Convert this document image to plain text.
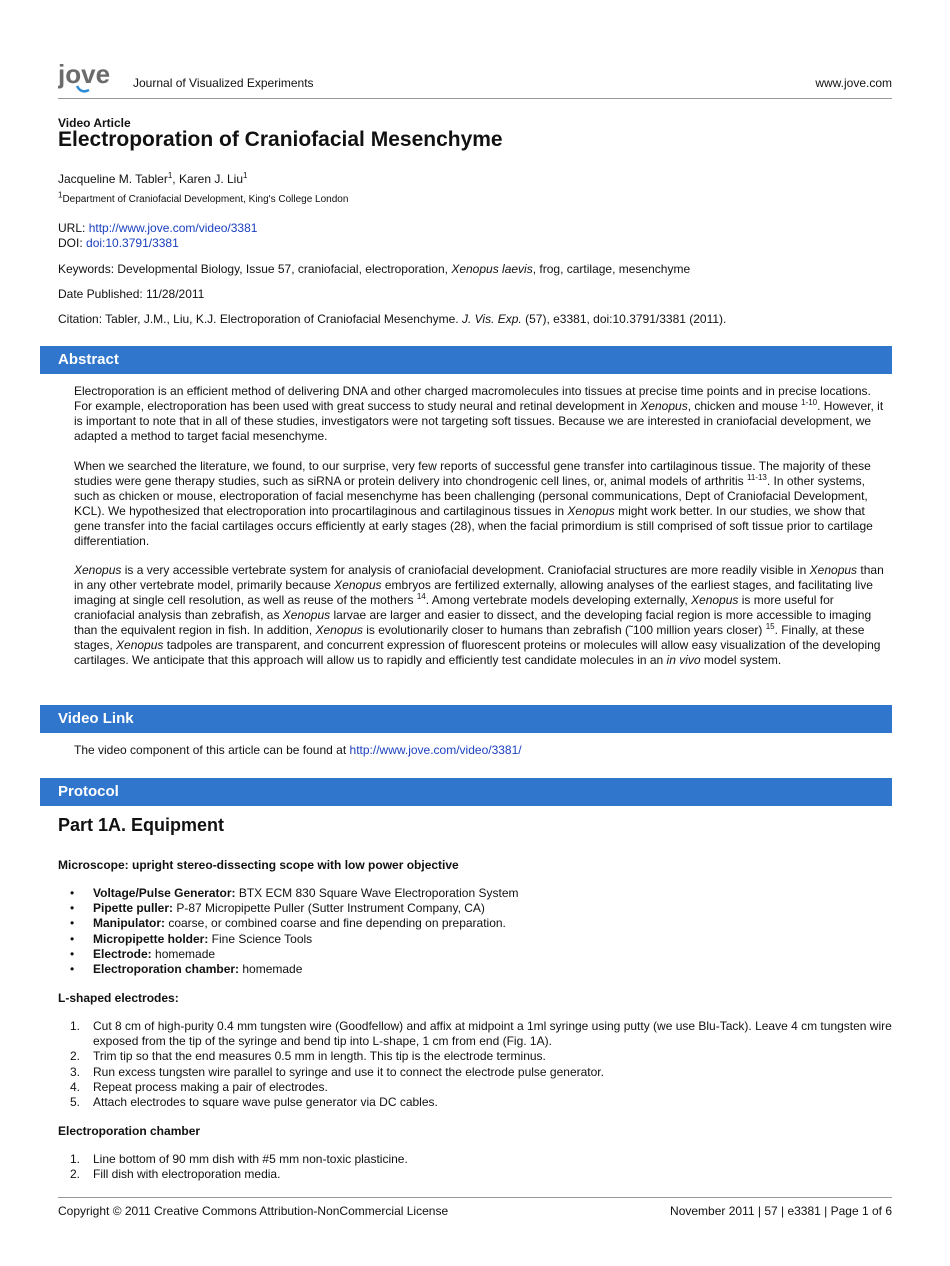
jove Journal of Visualized Experiments	www.jove.com
Video Article
Electroporation of Craniofacial Mesenchyme
Jacqueline M. Tabler$^1$, Karen J. Liu$^1$
$^1$Department of Craniofacial Development, King's College London
URL: http://www.jove.com/video/3381
DOI: doi:10.3791/3381
Keywords: Developmental Biology, Issue 57, craniofacial, electroporation, Xenopus laevis, frog, cartilage, mesenchyme
Date Published: 11/28/2011
Citation: Tabler, J.M., Liu, K.J. Electroporation of Craniofacial Mesenchyme. J. Vis. Exp. (57), e3381, doi:10.3791/3381 (2011).
Abstract

Electroporation is an efficient method of delivering DNA and other charged macromolecules into tissues at precise time points and in precise locations. For example, electroporation has been used with great success to study neural and retinal development in Xenopus, chicken and mouse $^{1-10}$. However, it is important to note that in all of these studies, investigators were not targeting soft tissues. Because we are interested in craniofacial development, we adapted a method to target facial mesenchyme.

When we searched the literature, we found, to our surprise, very few reports of successful gene transfer into cartilaginous tissue. The majority of these studies were gene therapy studies, such as siRNA or protein delivery into chondrogenic cell lines, or, animal models of arthritis $^{11-13}$. In other systems, such as chicken or mouse, electroporation of facial mesenchyme has been challenging (personal communications, Dept of Craniofacial Development, KCL). We hypothesized that electroporation into procartilaginous and cartilaginous tissues in Xenopus might work better. In our studies, we show that gene transfer into the facial cartilages occurs efficiently at early stages (28), when the facial primordium is still comprised of soft tissue prior to cartilage differentiation.

Xenopus is a very accessible vertebrate system for analysis of craniofacial development. Craniofacial structures are more readily visible in Xenopus than in any other vertebrate model, primarily because Xenopus embryos are fertilized externally, allowing analyses of the earliest stages, and facilitating live imaging at single cell resolution, as well as reuse of the mothers $^{14}$. Among vertebrate models developing externally, Xenopus is more useful for craniofacial analysis than zebrafish, as Xenopus larvae are larger and easier to dissect, and the developing facial region is more accessible to imaging than the equivalent region in fish. In addition, Xenopus is evolutionarily closer to humans than zebrafish (˜100 million years closer) $^{15}$. Finally, at these stages, Xenopus tadpoles are transparent, and concurrent expression of fluorescent proteins or molecules will allow easy visualization of the developing cartilages. We anticipate that this approach will allow us to rapidly and efficiently test candidate molecules in an in vivo model system.

Video Link

The video component of this article can be found at http://www.jove.com/video/3381/

Protocol
Part 1A. Equipment
Microscope: upright stereo-dissecting scope with low power objective
• Voltage/Pulse Generator: BTX ECM 830 Square Wave Electroporation System
• Pipette puller: P-87 Micropipette Puller (Sutter Instrument Company, CA)
• Manipulator: coarse, or combined coarse and fine depending on preparation.
• Micropipette holder: Fine Science Tools
• Electrode: homemade
• Electroporation chamber: homemade
L-shaped electrodes:
1. Cut 8 cm of high-purity 0.4 mm tungsten wire (Goodfellow) and affix at midpoint a 1ml syringe using putty (we use Blu-Tack). Leave 4 cm tungsten wire exposed from the tip of the syringe and bend tip into L-shape, 1 cm from end (Fig. 1A).
2. Trim tip so that the end measures 0.5 mm in length. This tip is the electrode terminus.
3. Run excess tungsten wire parallel to syringe and use it to connect the electrode pulse generator.
4. Repeat process making a pair of electrodes.
5. Attach electrodes to square wave pulse generator via DC cables.
Electroporation chamber
1. Line bottom of 90 mm dish with #5 mm non-toxic plasticine.
2. Fill dish with electroporation media.
Copyright © 2011 Creative Commons Attribution-NonCommercial License	November 2011 | 57 | e3381 | Page 1 of 6
